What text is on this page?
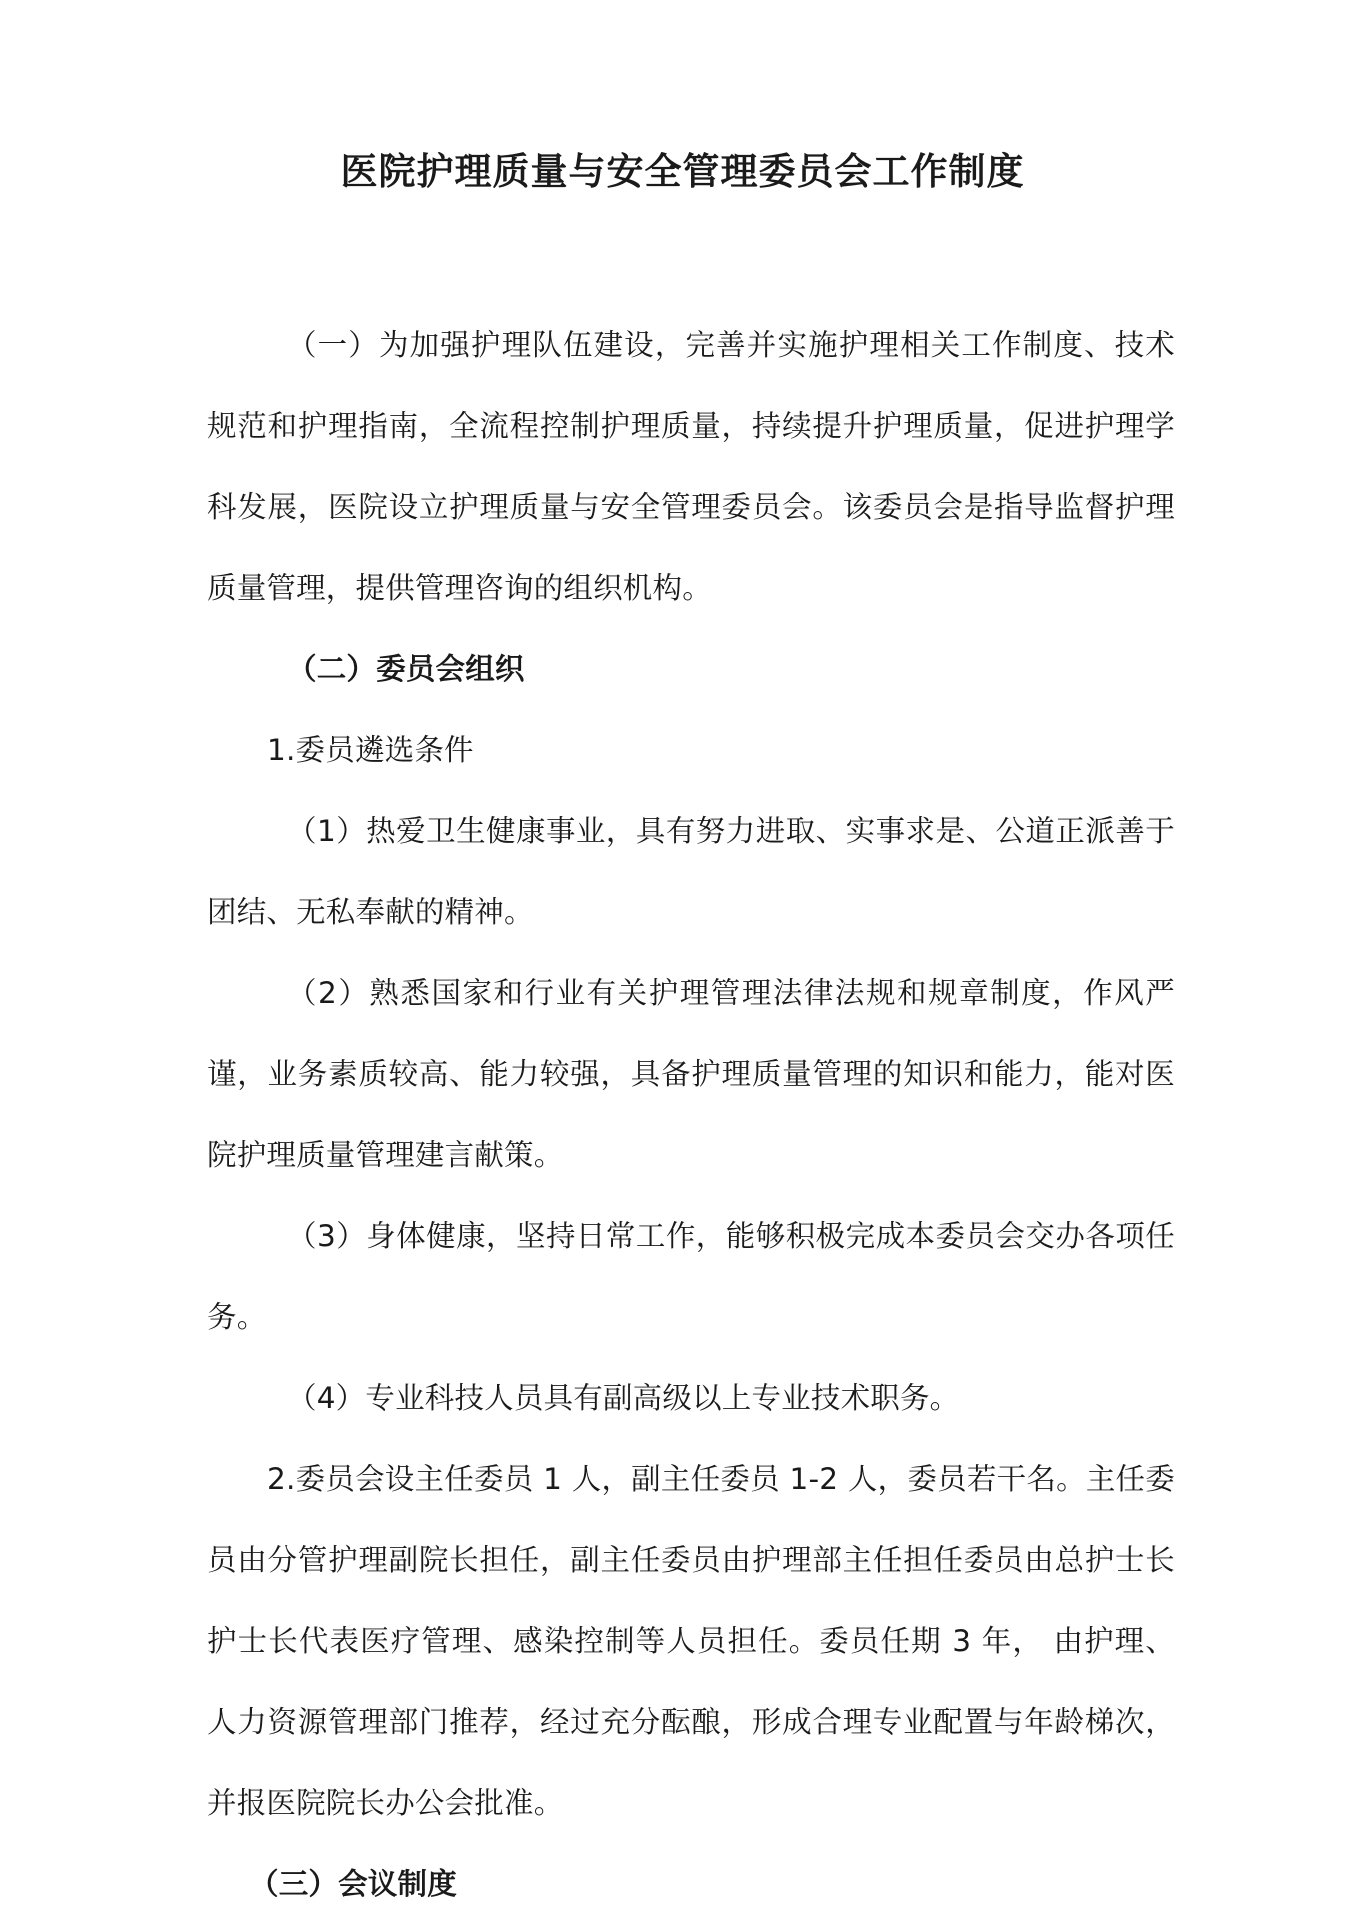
医院护理质量与安全管理委员会工作制度

（一）为加强护理队伍建设，完善并实施护理相关工作制度、技术规范和护理指南，全流程控制护理质量，持续提升护理质量，促进护理学科发展，医院设立护理质量与安全管理委员会。该委员会是指导监督护理质量管理，提供管理咨询的组织机构。

（二）委员会组织

1.委员遴选条件

（1）热爱卫生健康事业，具有努力进取、实事求是、公道正派善于团结、无私奉献的精神。

（2）熟悉国家和行业有关护理管理法律法规和规章制度，作风严谨，业务素质较高、能力较强，具备护理质量管理的知识和能力，能对医院护理质量管理建言献策。

（3）身体健康，坚持日常工作，能够积极完成本委员会交办各项任务。

（4）专业科技人员具有副高级以上专业技术职务。

2.委员会设主任委员 1 人，副主任委员 1-2 人，委员若干名。主任委员由分管护理副院长担任，副主任委员由护理部主任担任委员由总护士长护士长代表医疗管理、感染控制等人员担任。委员任期 3 年， 由护理、人力资源管理部门推荐，经过充分酝酿，形成合理专业配置与年龄梯次，并报医院院长办公会批准。

（三）会议制度
